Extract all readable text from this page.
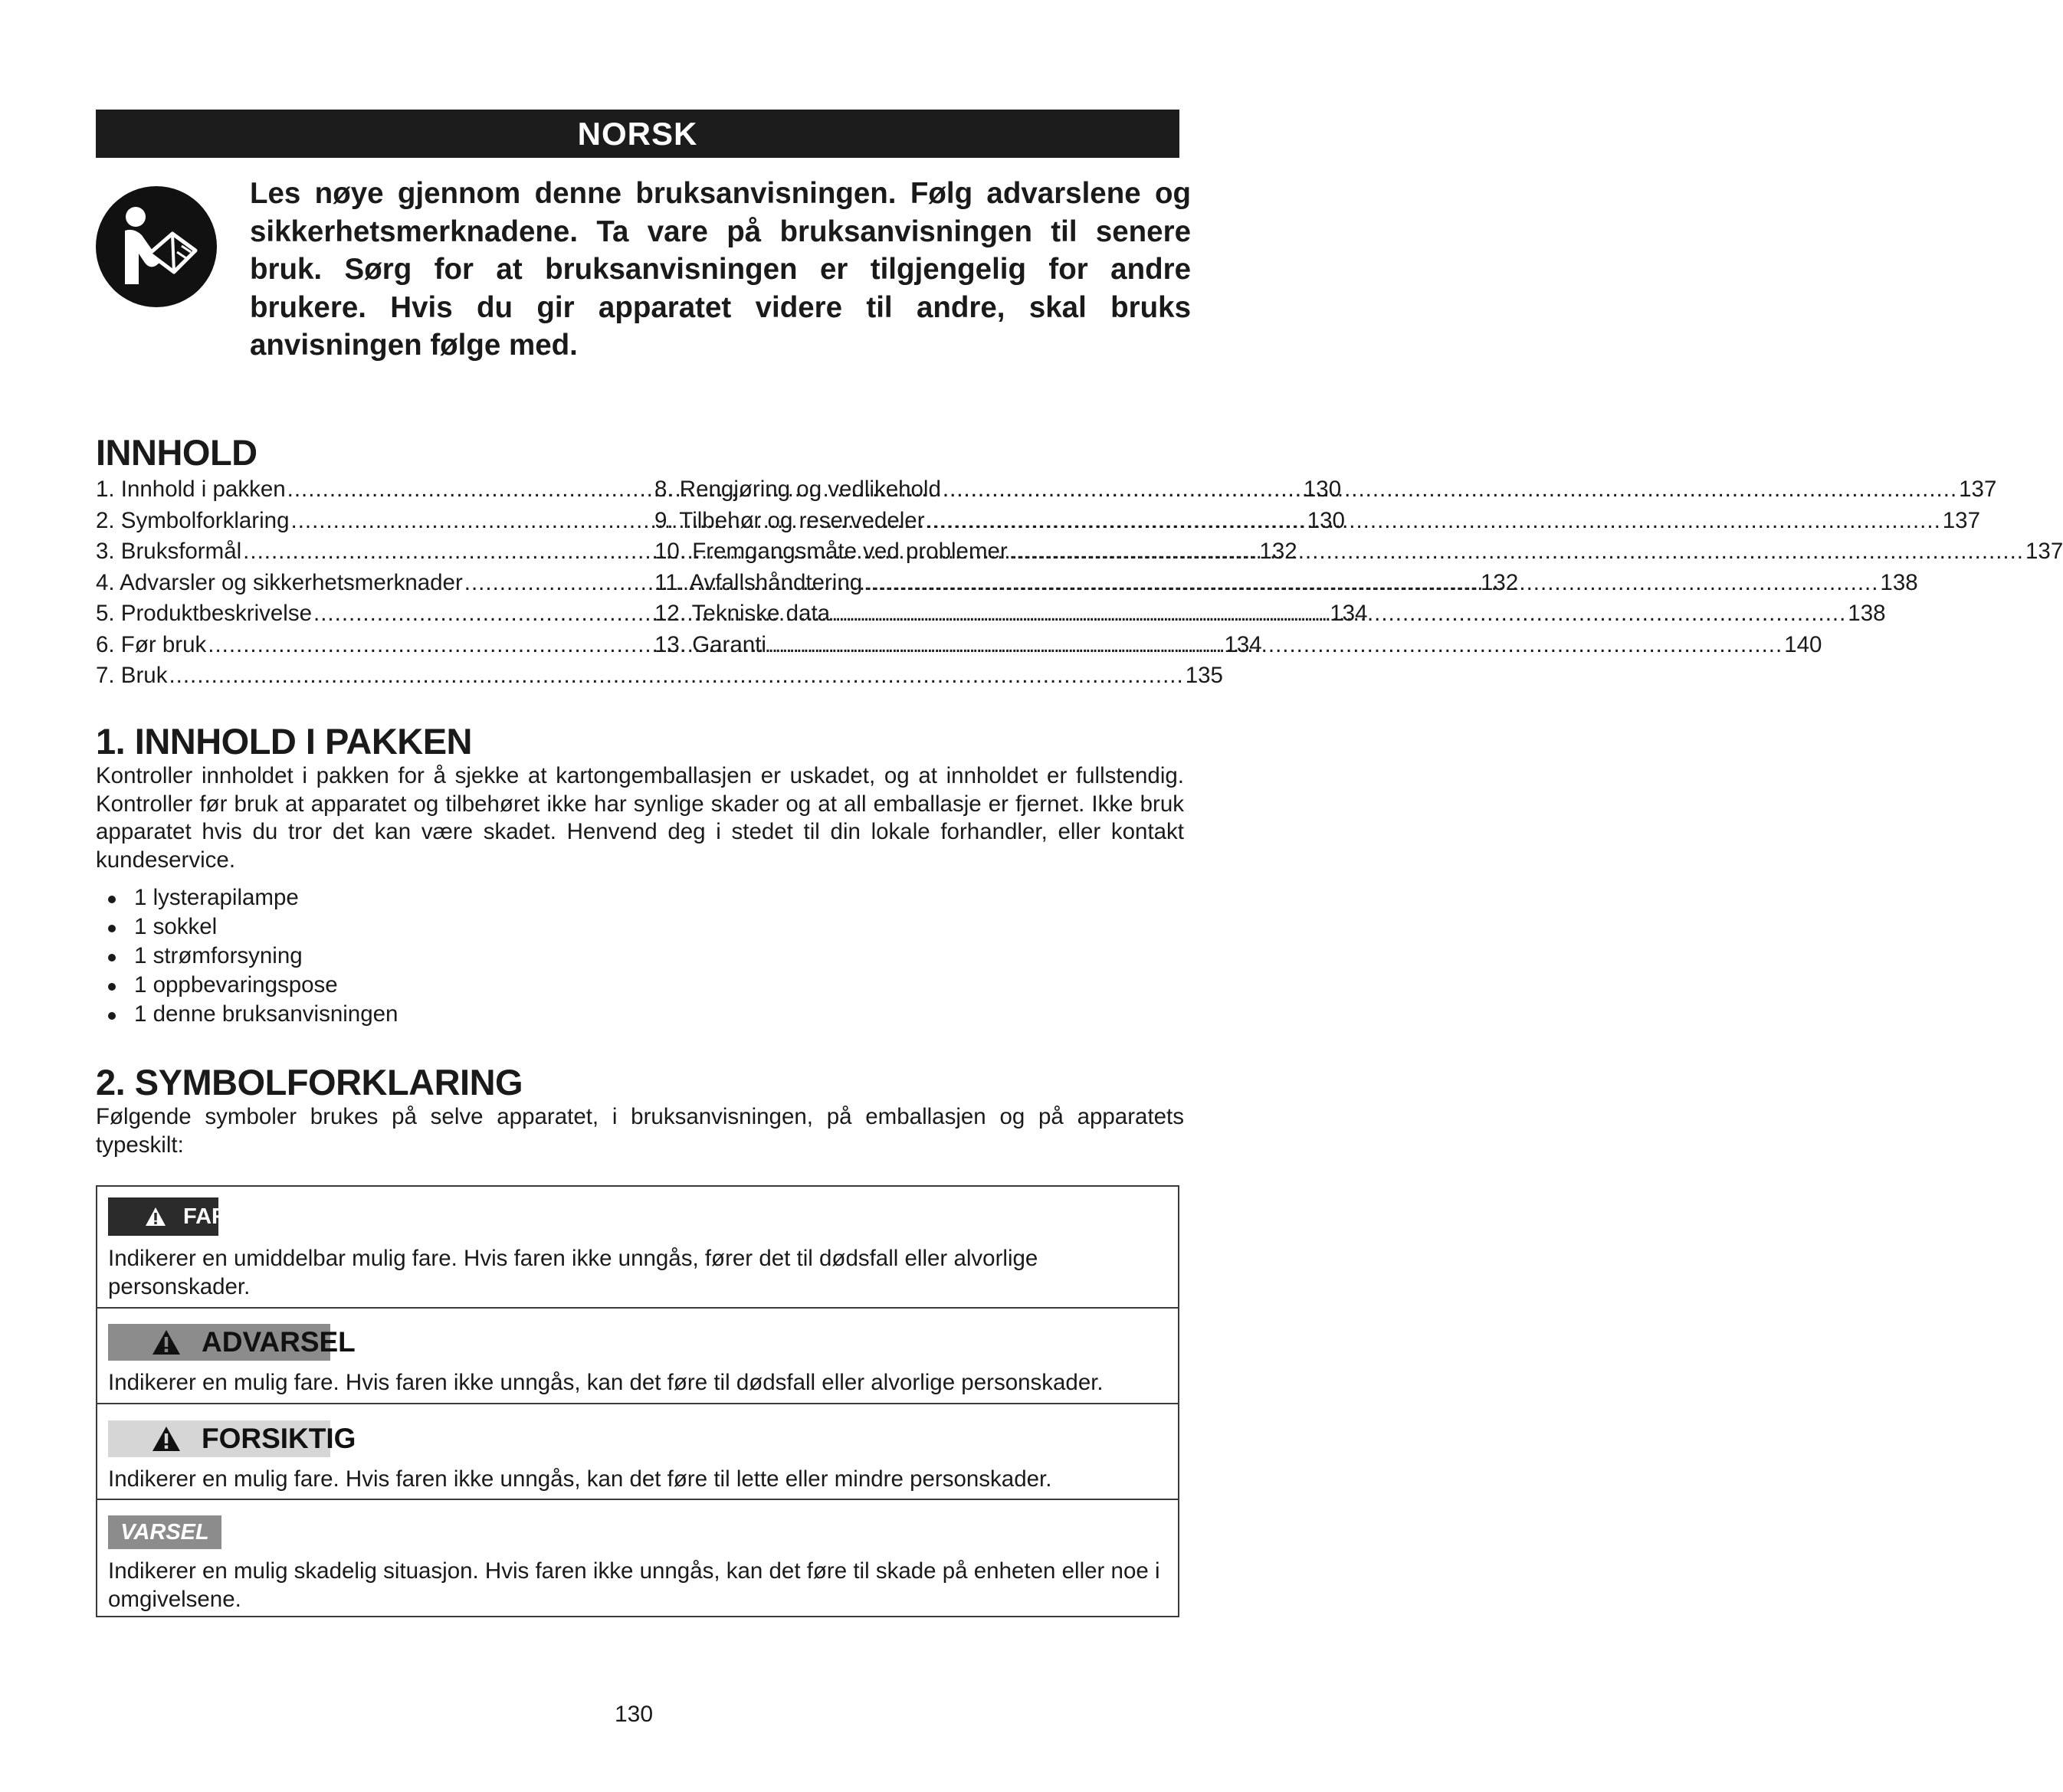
NORSK

Les nøye gjennom denne bruksanvisningen. Følg advarslene og sikkerhetsmerknadene. Ta vare på bruksanvisningen til senere bruk. Sørg for at bruksanvisningen er tilgjengelig for andre brukere. Hvis du gir apparatet videre til andre, skal bruks anvisningen følge med.

INNHOLD
1. Innhold i pakken .....	130
2. Symbolforklaring .....	130
3. Bruksformål .....	132
4. Advarsler og sikkerhetsmerknader .....	132
5. Produktbeskrivelse .....	134
6. Før bruk .....	134
7. Bruk .....	135
8. Rengjøring og vedlikehold .....	137
9. Tilbehør og reservedeler .....	137
10. Fremgangsmåte ved problemer .....	137
11. Avfallshåndtering .....	138
12. Tekniske data .....	138
13. Garanti .....	140
1. INNHOLD I PAKKEN

Kontroller innholdet i pakken for å sjekke at kartongemballasjen er uskadet, og at innholdet er fullstendig. Kontroller før bruk at apparatet og tilbehøret ikke har synlige skader og at all emballasje er fjernet. Ikke bruk apparatet hvis du tror det kan være skadet. Henvend deg i stedet til din lokale forhandler, eller kontakt kundeservice.

1 lysterapilampe
1 sokkel
1 strømforsyning
1 oppbevaringspose
1 denne bruksanvisningen
2. SYMBOLFORKLARING

Følgende symboler brukes på selve apparatet, i bruksanvisningen, på emballasjen og på apparatets typeskilt:

FARE

Indikerer en umiddelbar mulig fare. Hvis faren ikke unngås, fører det til dødsfall eller alvorlige personskader.

ADVARSEL

Indikerer en mulig fare. Hvis faren ikke unngås, kan det føre til dødsfall eller alvorlige personskader.

FORSIKTIG

Indikerer en mulig fare. Hvis faren ikke unngås, kan det føre til lette eller mindre personskader.

VARSEL

Indikerer en mulig skadelig situasjon. Hvis faren ikke unngås, kan det føre til skade på enheten eller noe i omgivelsene.

130
